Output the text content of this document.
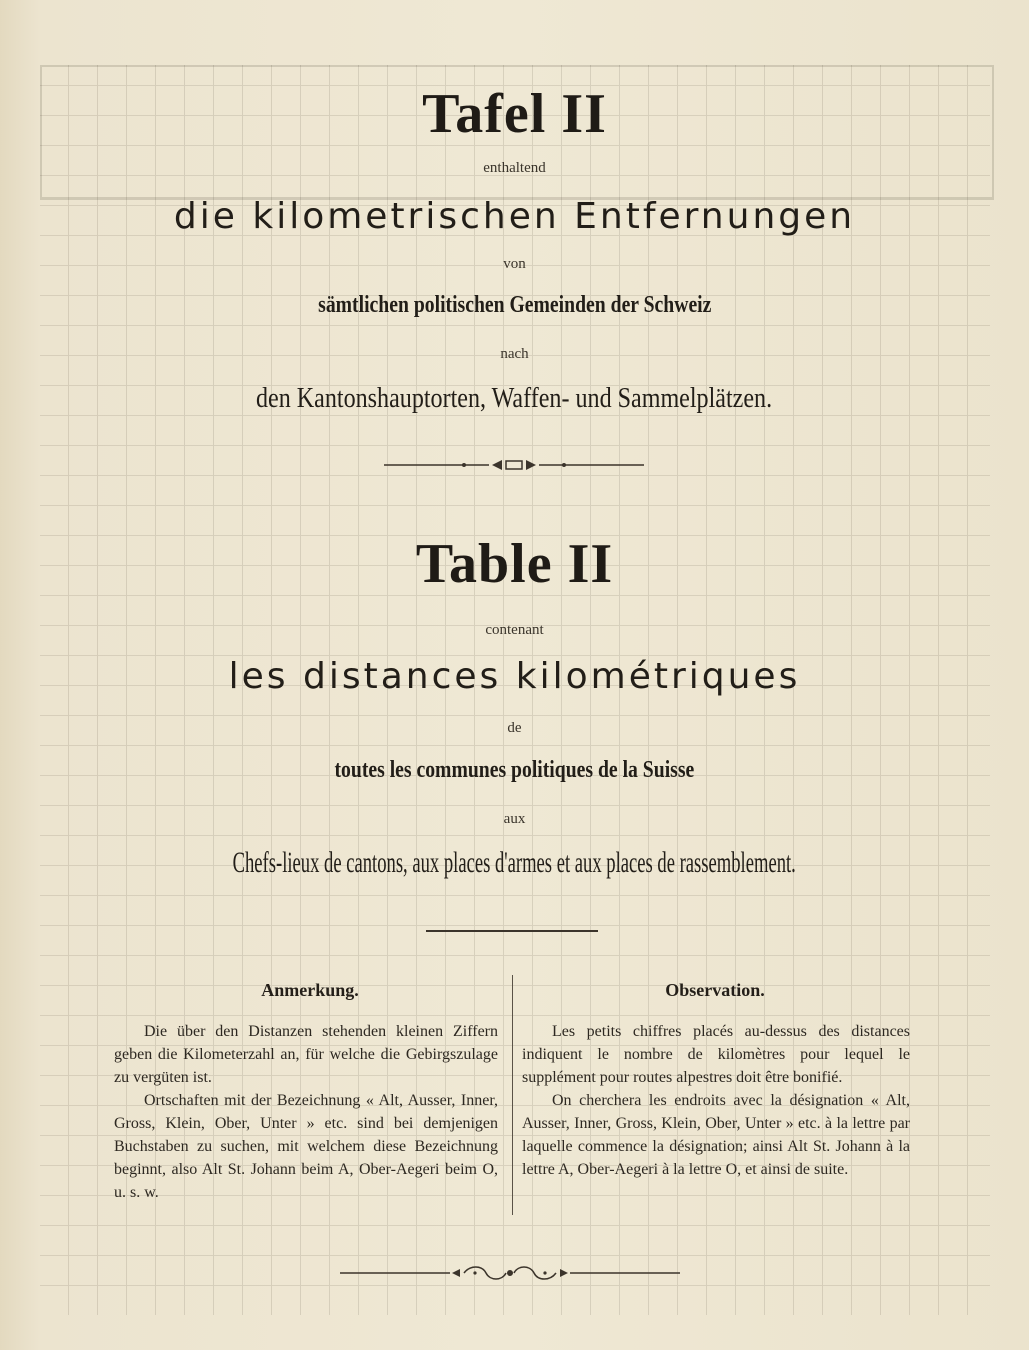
Tafel II
enthaltend
die kilometrischen Entfernungen
von
sämtlichen politischen Gemeinden der Schweiz
nach
den Kantonshauptorten, Waffen- und Sammelplätzen.
Table II
contenant
les distances kilométriques
de
toutes les communes politiques de la Suisse
aux
Chefs-lieux de cantons, aux places d'armes et aux places de rassemblement.
Anmerkung.

Die über den Distanzen stehenden kleinen Ziffern geben die Kilometerzahl an, für welche die Gebirgszulage zu vergüten ist.

Ortschaften mit der Bezeichnung « Alt, Ausser, Inner, Gross, Klein, Ober, Unter » etc. sind bei demjenigen Buchstaben zu suchen, mit welchem diese Bezeichnung beginnt, also Alt St. Johann beim A, Ober-Aegeri beim O, u. s. w.

Observation.

Les petits chiffres placés au-dessus des distances indiquent le nombre de kilomètres pour lequel le supplément pour routes alpestres doit être bonifié.

On cherchera les endroits avec la désignation « Alt, Ausser, Inner, Gross, Klein, Ober, Unter » etc. à la lettre par laquelle commence la désignation; ainsi Alt St. Johann à la lettre A, Ober-Aegeri à la lettre O, et ainsi de suite.
